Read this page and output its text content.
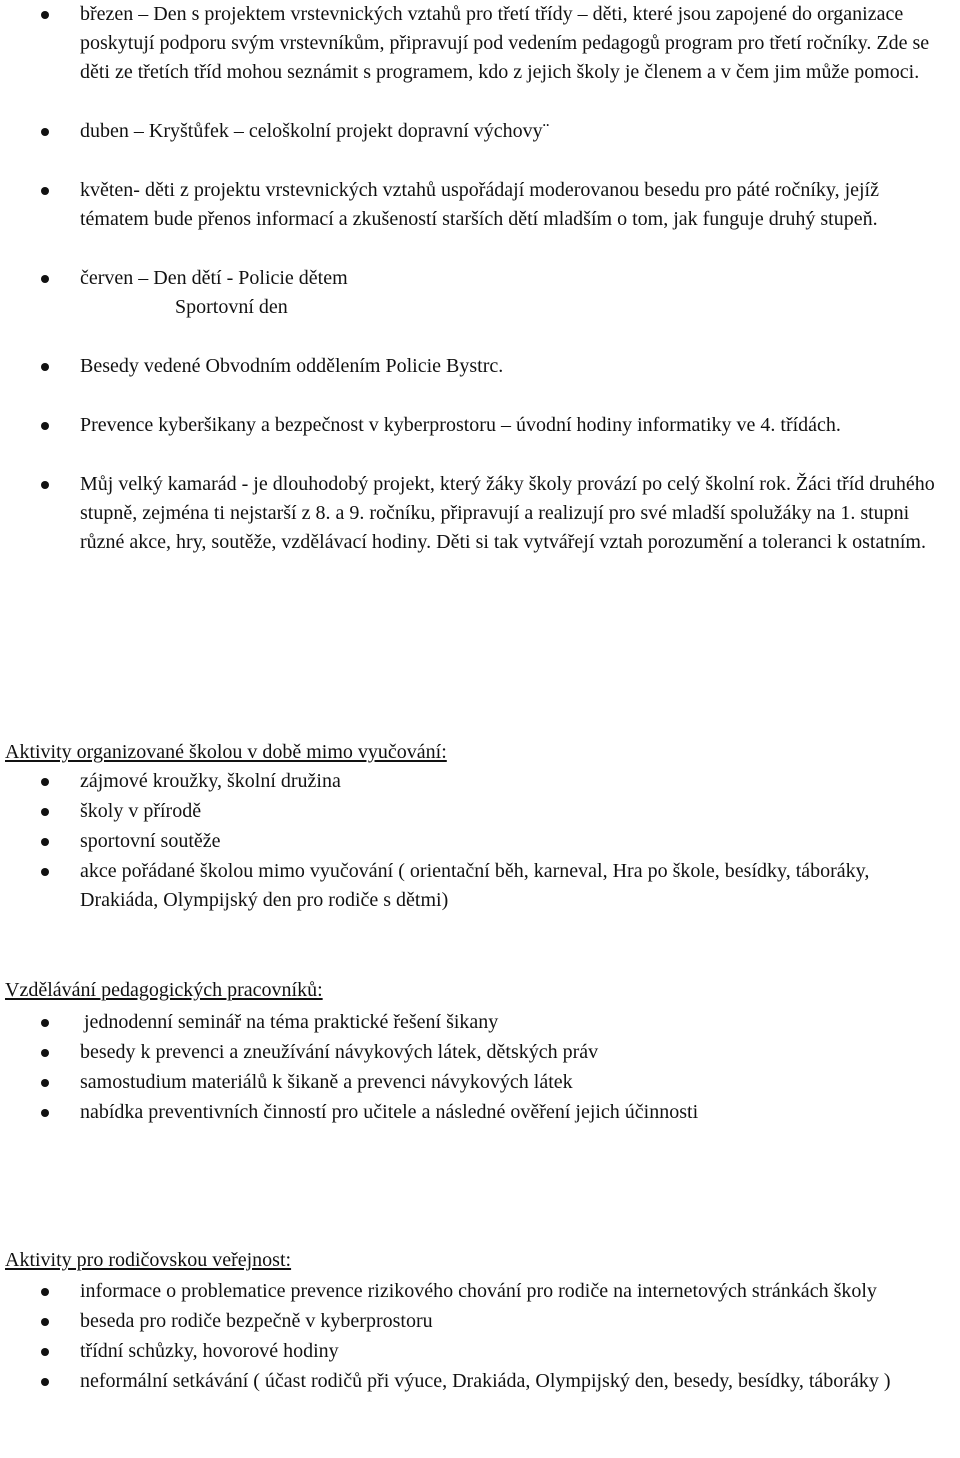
březen – Den s projektem vrstevnických vztahů pro třetí třídy – děti, které jsou zapojené do organizace poskytují podporu svým vrstevníkům, připravují pod vedením pedagogů program pro třetí ročníky. Zde se děti ze třetích tříd mohou seznámit s programem, kdo z jejich školy je členem a v čem jim může pomoci.
duben – Kryštůfek – celoškolní projekt dopravní výchovy¨
květen- děti z projektu vrstevnických vztahů uspořádají moderovanou besedu pro páté ročníky, jejíž tématem bude přenos informací a zkušeností starších dětí mladším o tom, jak funguje druhý stupeň.
červen – Den dětí - Policie dětem
Sportovní den
Besedy vedené Obvodním oddělením Policie Bystrc.
Prevence kyberšikany a bezpečnost v kyberprostoru – úvodní hodiny informatiky ve 4. třídách.
Můj velký kamarád - je dlouhodobý projekt, který žáky školy provází po celý školní rok. Žáci tříd druhého stupně, zejména ti nejstarší z 8. a 9. ročníku, připravují a realizují pro své mladší spolužáky na 1. stupni různé akce, hry, soutěže, vzdělávací hodiny. Děti si tak vytvářejí vztah porozumění a toleranci k ostatním.
Aktivity organizované školou v době mimo vyučování:
zájmové kroužky, školní družina
školy v přírodě
sportovní soutěže
akce pořádané školou mimo vyučování ( orientační běh, karneval, Hra po škole, besídky, táboráky, Drakiáda, Olympijský den pro rodiče s dětmi)
Vzdělávání pedagogických pracovníků:
jednodenní seminář na téma praktické řešení šikany
besedy k prevenci a zneužívání návykových látek, dětských práv
samostudium materiálů k šikaně a prevenci návykových látek
nabídka preventivních činností pro učitele a následné ověření jejich účinnosti
Aktivity pro rodičovskou veřejnost:
informace o problematice prevence rizikového chování pro rodiče na internetových stránkách školy
beseda pro rodiče bezpečně v kyberprostoru
třídní schůzky, hovorové hodiny
neformální setkávání ( účast rodičů při výuce, Drakiáda, Olympijský den, besedy, besídky, táboráky )
